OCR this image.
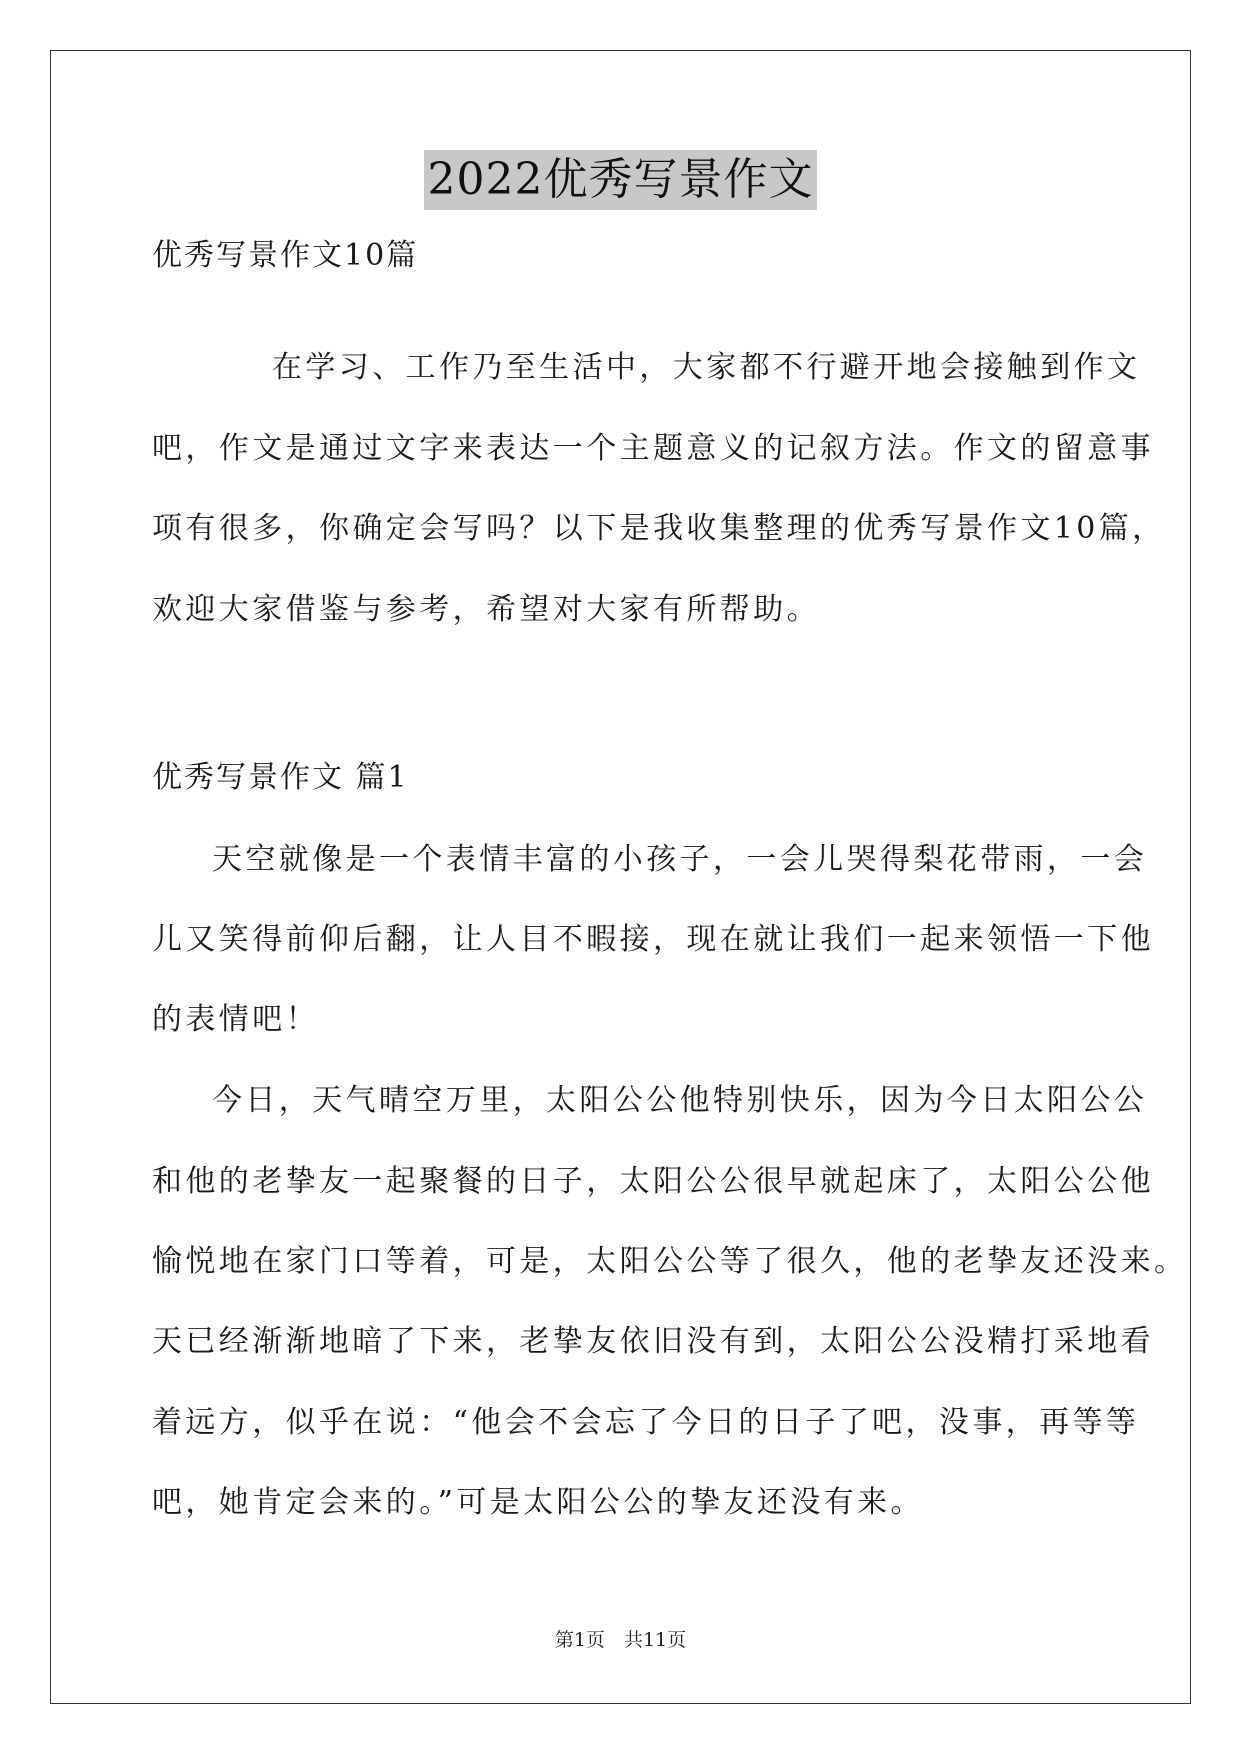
2022优秀写景作文
优秀写景作文10篇
在学习、工作乃至生活中，大家都不行避开地会接触到作文
吧，作文是通过文字来表达一个主题意义的记叙方法。作文的留意事
项有很多，你确定会写吗？以下是我收集整理的优秀写景作文10篇，
欢迎大家借鉴与参考，希望对大家有所帮助。
优秀写景作文 篇1
天空就像是一个表情丰富的小孩子，一会儿哭得梨花带雨，一会
儿又笑得前仰后翻，让人目不暇接，现在就让我们一起来领悟一下他
的表情吧！
今日，天气晴空万里，太阳公公他特别快乐，因为今日太阳公公
和他的老挚友一起聚餐的日子，太阳公公很早就起床了，太阳公公他
愉悦地在家门口等着，可是，太阳公公等了很久，他的老挚友还没来。
天已经渐渐地暗了下来，老挚友依旧没有到，太阳公公没精打采地看
着远方，似乎在说：“他会不会忘了今日的日子了吧，没事，再等等
吧，她肯定会来的。”可是太阳公公的挚友还没有来。
第1页　共11页
